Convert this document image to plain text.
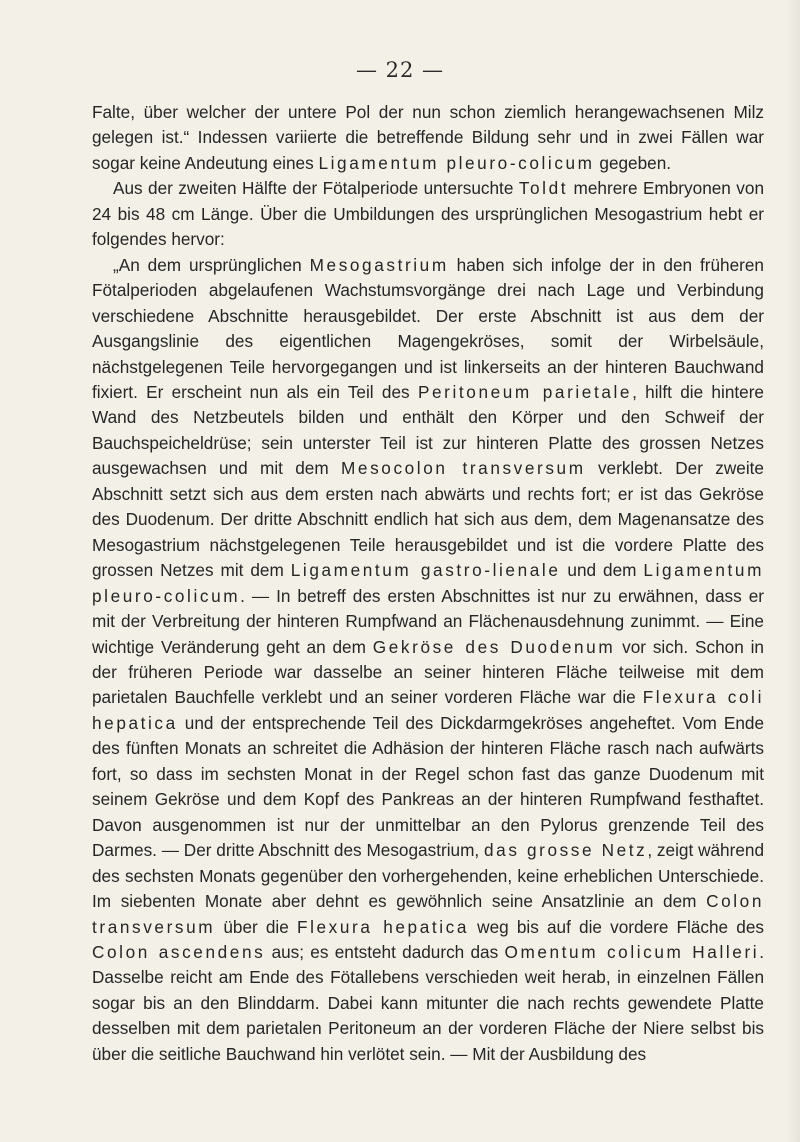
— 22 —

Falte, über welcher der untere Pol der nun schon ziemlich herangewachsenen Milz gelegen ist.“ Indessen variierte die betreffende Bildung sehr und in zwei Fällen war sogar keine Andeutung eines Ligamentum pleuro-colicum gegeben.

Aus der zweiten Hälfte der Fötalperiode untersuchte Toldt mehrere Embryonen von 24 bis 48 cm Länge. Über die Umbildungen des ursprünglichen Mesogastrium hebt er folgendes hervor:

„An dem ursprünglichen Mesogastrium haben sich infolge der in den früheren Fötalperioden abgelaufenen Wachstumsvorgänge drei nach Lage und Verbindung verschiedene Abschnitte herausgebildet. Der erste Abschnitt ist aus dem der Ausgangslinie des eigentlichen Magengekröses, somit der Wirbelsäule, nächstgelegenen Teile hervorgegangen und ist linkerseits an der hinteren Bauchwand fixiert. Er erscheint nun als ein Teil des Peritoneum parietale, hilft die hintere Wand des Netzbeutels bilden und enthält den Körper und den Schweif der Bauchspeicheldrüse; sein unterster Teil ist zur hinteren Platte des grossen Netzes ausgewachsen und mit dem Mesocolon transversum verklebt. Der zweite Abschnitt setzt sich aus dem ersten nach abwärts und rechts fort; er ist das Gekröse des Duodenum. Der dritte Abschnitt endlich hat sich aus dem, dem Magenansatze des Mesogastrium nächstgelegenen Teile herausgebildet und ist die vordere Platte des grossen Netzes mit dem Ligamentum gastro-lienale und dem Ligamentum pleuro-colicum. — In betreff des ersten Abschnittes ist nur zu erwähnen, dass er mit der Verbreitung der hinteren Rumpfwand an Flächenausdehnung zunimmt. — Eine wichtige Veränderung geht an dem Gekröse des Duodenum vor sich. Schon in der früheren Periode war dasselbe an seiner hinteren Fläche teilweise mit dem parietalen Bauchfelle verklebt und an seiner vorderen Fläche war die Flexura coli hepatica und der entsprechende Teil des Dickdarmgekröses angeheftet. Vom Ende des fünften Monats an schreitet die Adhäsion der hinteren Fläche rasch nach aufwärts fort, so dass im sechsten Monat in der Regel schon fast das ganze Duodenum mit seinem Gekröse und dem Kopf des Pankreas an der hinteren Rumpfwand festhaftet. Davon ausgenommen ist nur der unmittelbar an den Pylorus grenzende Teil des Darmes. — Der dritte Abschnitt des Mesogastrium, das grosse Netz, zeigt während des sechsten Monats gegenüber den vorhergehenden, keine erheblichen Unterschiede. Im siebenten Monate aber dehnt es gewöhnlich seine Ansatzlinie an dem Colon transversum über die Flexura hepatica weg bis auf die vordere Fläche des Colon ascendens aus; es entsteht dadurch das Omentum colicum Halleri. Dasselbe reicht am Ende des Fötallebens verschieden weit herab, in einzelnen Fällen sogar bis an den Blinddarm. Dabei kann mitunter die nach rechts gewendete Platte desselben mit dem parietalen Peritoneum an der vorderen Fläche der Niere selbst bis über die seitliche Bauchwand hin verlötet sein. — Mit der Ausbildung des
